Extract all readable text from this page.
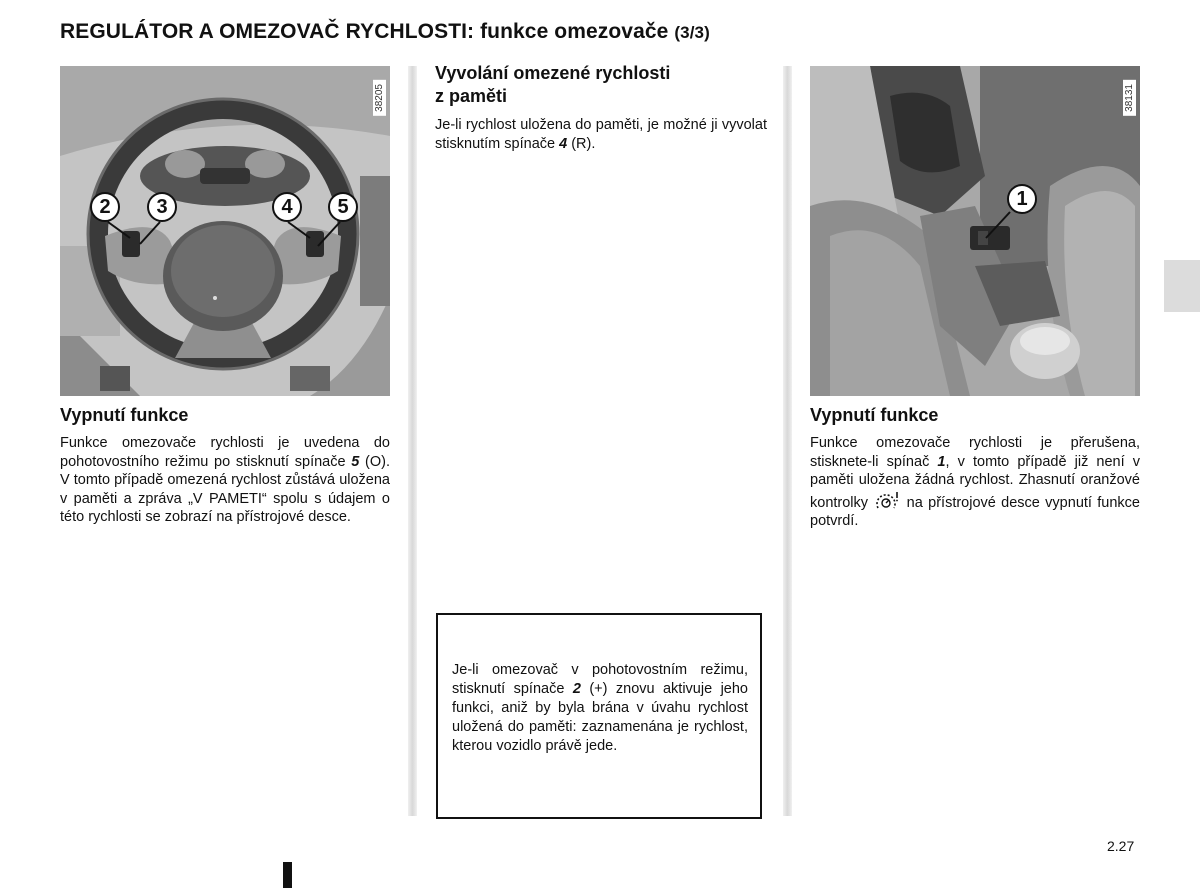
REGULÁTOR A OMEZOVAČ RYCHLOSTI: funkce omezovače (3/3)
38205
2	3	4	5
Vypnutí funkce

Funkce omezovače rychlosti je uvedena do pohotovostního režimu po stisknutí spínače 5 (O). V tomto případě omezená rychlost zůstává uložena v paměti a zpráva „V PAMETI“ spolu s údajem o této rychlosti se zobrazí na přístrojové desce.

Vyvolání omezené rychlosti
z paměti

Je-li rychlost uložena do paměti, je možné ji vyvolat stisknutím spínače 4 (R).

Je-li omezovač v pohotovostním režimu, stisknutí spínače 2 (+) znovu aktivuje jeho funkci, aniž by byla brána v úvahu rychlost uložená do paměti: zaznamenána je rychlost, kterou vozidlo právě jede.

38131
1
Vypnutí funkce

Funkce omezovače rychlosti je přerušena, stisknete-li spínač 1, v tomto případě již není v paměti uložena žádná rychlost. Zhasnutí oranžové kontrolky  na přístrojové desce vypnutí funkce potvrdí.

2.27
